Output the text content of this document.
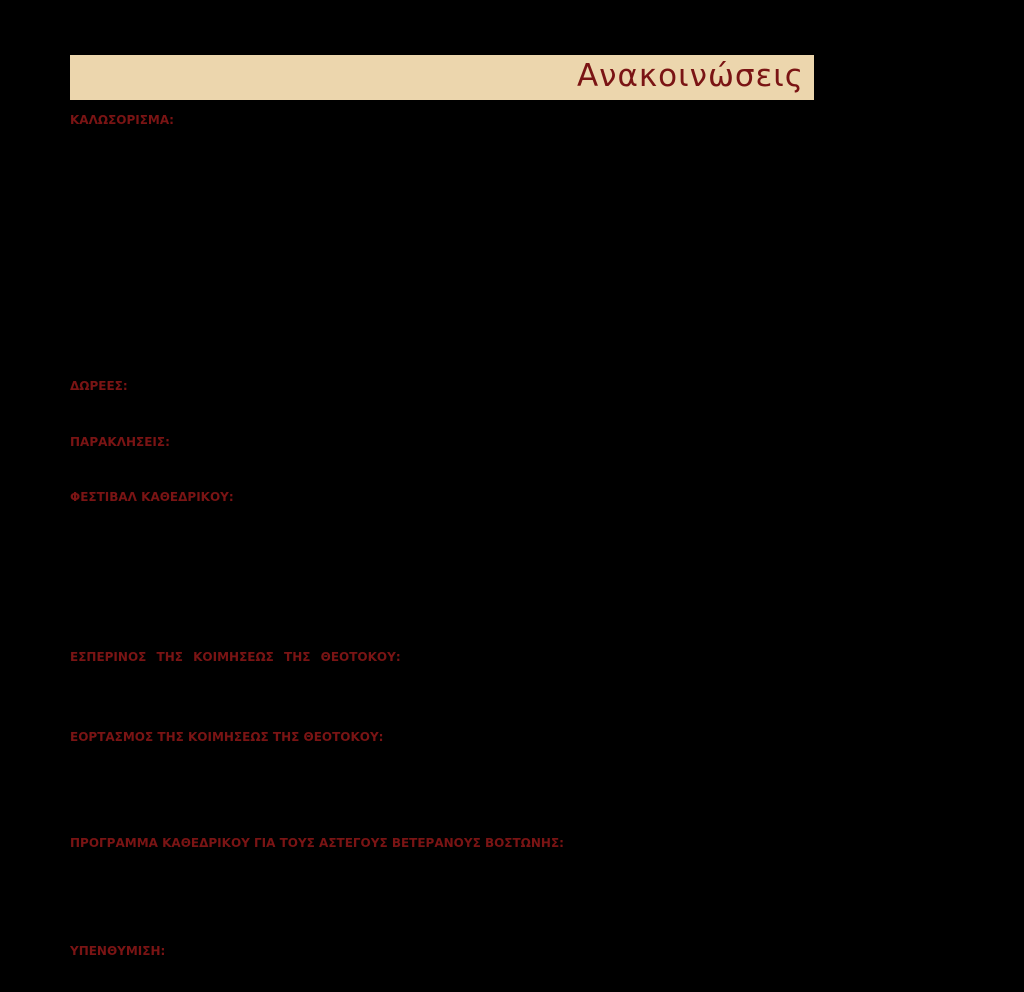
Ανακοινώσεις
ΚΑΛΩΣΟΡΙΣΜΑ:
ΔΩΡΕΕΣ:
ΠΑΡΑΚΛΗΣΕΙΣ:
ΦΕΣΤΙΒΑΛ ΚΑΘΕΔΡΙΚΟΥ:
ΕΣΠΕΡΙΝΟΣ ΤΗΣ ΚΟΙΜΗΣΕΩΣ ΤΗΣ ΘΕΟΤΟΚΟΥ:
ΕΟΡΤΑΣΜΟΣ ΤΗΣ ΚΟΙΜΗΣΕΩΣ ΤΗΣ ΘΕΟΤΟΚΟΥ:
ΠΡΟΓΡΑΜΜΑ ΚΑΘΕΔΡΙΚΟΥ ΓΙΑ ΤΟΥΣ ΑΣΤΕΓΟΥΣ ΒΕΤΕΡΑΝΟΥΣ ΒΟΣΤΩΝΗΣ:
ΥΠΕΝΘΥΜΙΣΗ:
